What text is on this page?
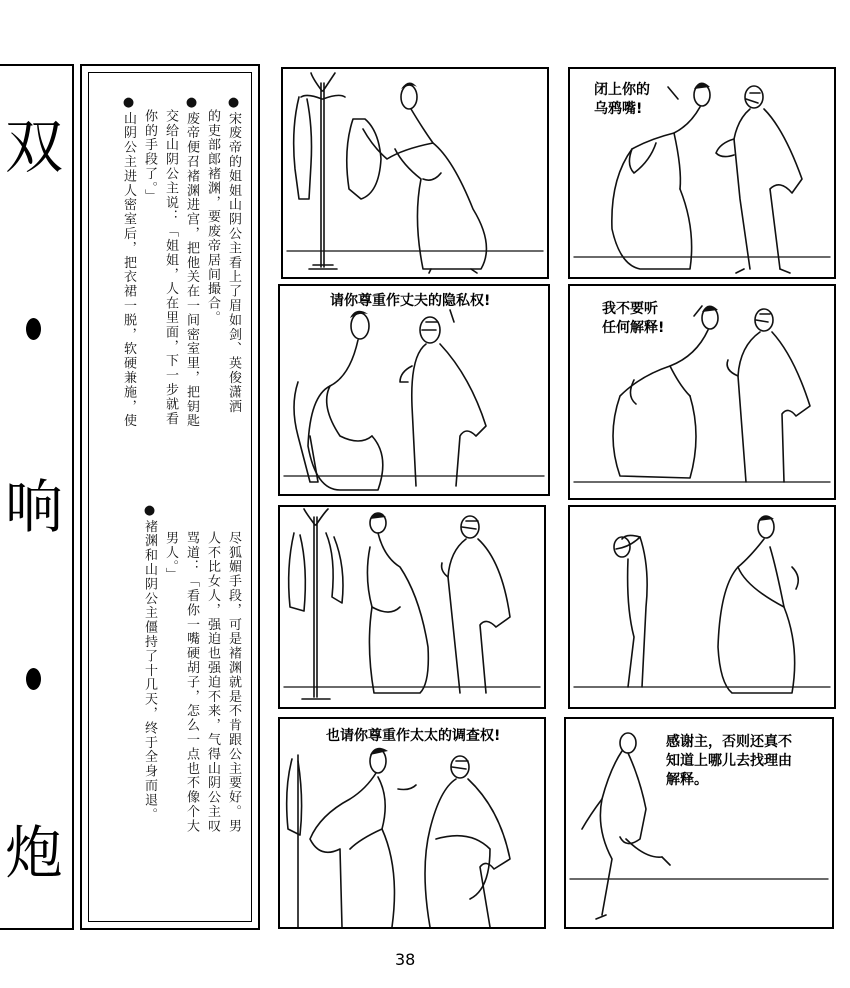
双
响
炮
●宋废帝的姐姐山阴公主看上了眉如剑、英俊潇洒
的吏部郎褚渊，要废帝居间撮合。
●废帝便召褚渊进宫，把他关在一间密室里，把钥匙
交给山阴公主说：「姐姐，人在里面，下一步就看
你的手段了。」
●山阴公主进人密室后，把衣裙一脱，软硬兼施，使
尽狐媚手段，可是褚渊就是不肯跟公主要好。男
人不比女人，强迫也强迫不来，气得山阴公主叹
骂道：「看你一嘴硬胡子，怎么一点也不像个大
男人。」
●褚渊和山阴公主僵持了十几天，终于全身而退。
闭上你的
乌鸦嘴!
请你尊重作丈夫的隐私权!	我不要听
任何解释!
也请你尊重作太太的调查权!	感谢主，否则还真不
知道上哪儿去找理由
解释。
38
